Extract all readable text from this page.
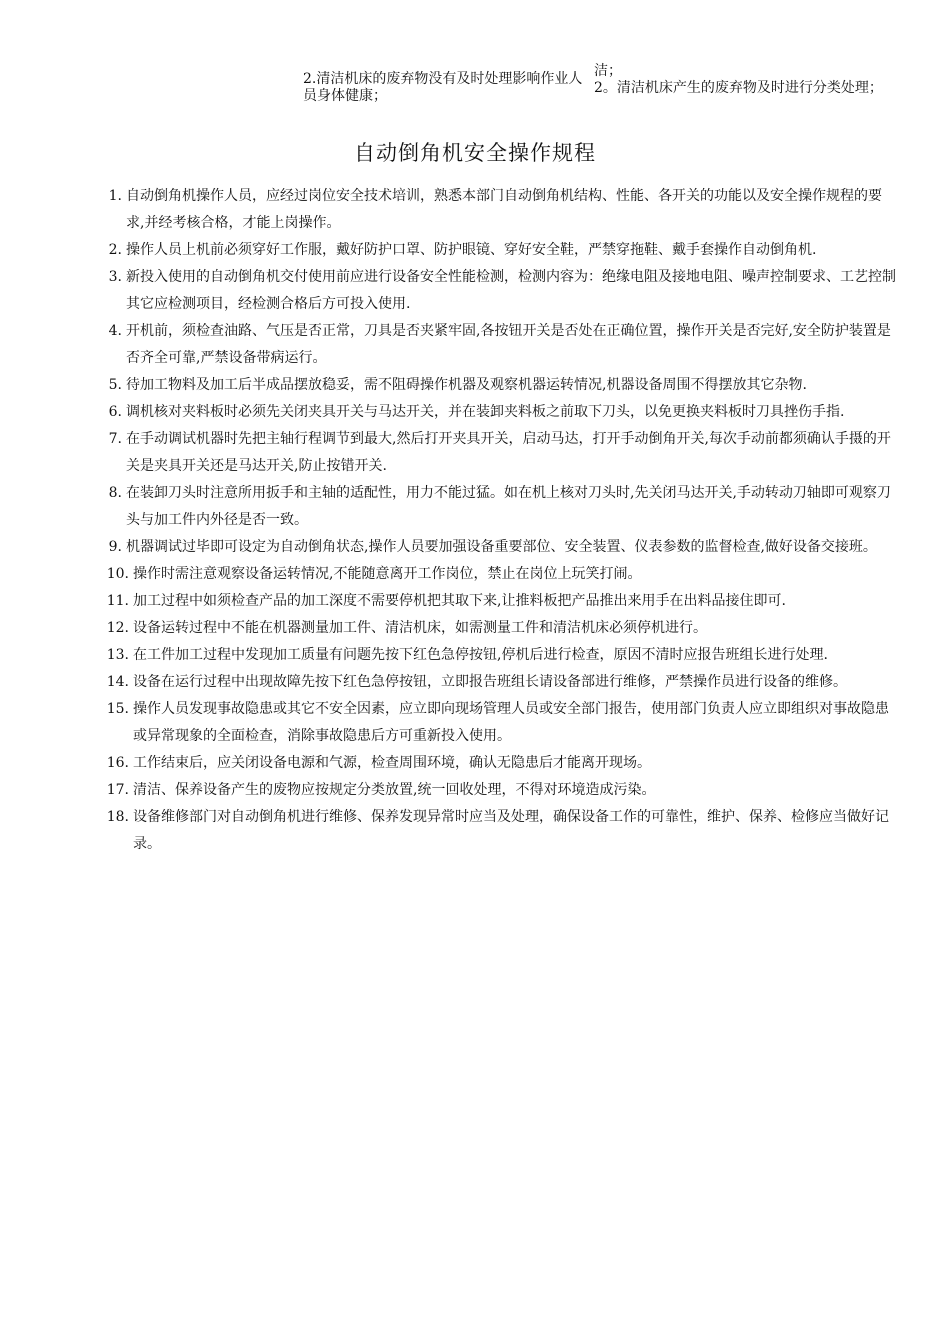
2.清洁机床的废弃物没有及时处理影响作业人员身体健康；
洁；
2。清洁机床产生的废弃物及时进行分类处理；
自动倒角机安全操作规程
1. 自动倒角机操作人员，应经过岗位安全技术培训，熟悉本部门自动倒角机结构、性能、各开关的功能以及安全操作规程的要求,并经考核合格，才能上岗操作。
2. 操作人员上机前必须穿好工作服，戴好防护口罩、防护眼镜、穿好安全鞋，严禁穿拖鞋、戴手套操作自动倒角机.
3. 新投入使用的自动倒角机交付使用前应进行设备安全性能检测，检测内容为：绝缘电阻及接地电阻、噪声控制要求、工艺控制其它应检测项目，经检测合格后方可投入使用.
4. 开机前，须检查油路、气压是否正常，刀具是否夹紧牢固,各按钮开关是否处在正确位置，操作开关是否完好,安全防护装置是否齐全可靠,严禁设备带病运行。
5. 待加工物料及加工后半成品摆放稳妥，需不阻碍操作机器及观察机器运转情况,机器设备周围不得摆放其它杂物.
6. 调机核对夹料板时必须先关闭夹具开关与马达开关，并在装卸夹料板之前取下刀头，以免更换夹料板时刀具挫伤手指.
7. 在手动调试机器时先把主轴行程调节到最大,然后打开夹具开关，启动马达，打开手动倒角开关,每次手动前都须确认手摄的开关是夹具开关还是马达开关,防止按错开关.
8. 在装卸刀头时注意所用扳手和主轴的适配性，用力不能过猛。如在机上核对刀头时,先关闭马达开关,手动转动刀轴即可观察刀头与加工件内外径是否一致。
9. 机器调试过毕即可设定为自动倒角状态,操作人员要加强设备重要部位、安全装置、仪表参数的监督检查,做好设备交接班。
10. 操作时需注意观察设备运转情况,不能随意离开工作岗位，禁止在岗位上玩笑打闹。
11. 加工过程中如须检查产品的加工深度不需要停机把其取下来,让推料板把产品推出来用手在出料品接住即可.
12. 设备运转过程中不能在机器测量加工件、清洁机床，如需测量工件和清洁机床必须停机进行。
13. 在工件加工过程中发现加工质量有问题先按下红色急停按钮,停机后进行检查，原因不清时应报告班组长进行处理.
14. 设备在运行过程中出现故障先按下红色急停按钮，立即报告班组长请设备部进行维修，严禁操作员进行设备的维修。
15. 操作人员发现事故隐患或其它不安全因素，应立即向现场管理人员或安全部门报告，使用部门负责人应立即组织对事故隐患或异常现象的全面检查，消除事故隐患后方可重新投入使用。
16. 工作结束后，应关闭设备电源和气源，检查周围环境，确认无隐患后才能离开现场。
17. 清洁、保养设备产生的废物应按规定分类放置,统一回收处理，不得对环境造成污染。
18. 设备维修部门对自动倒角机进行维修、保养发现异常时应当及处理，确保设备工作的可靠性，维护、保养、检修应当做好记录。
